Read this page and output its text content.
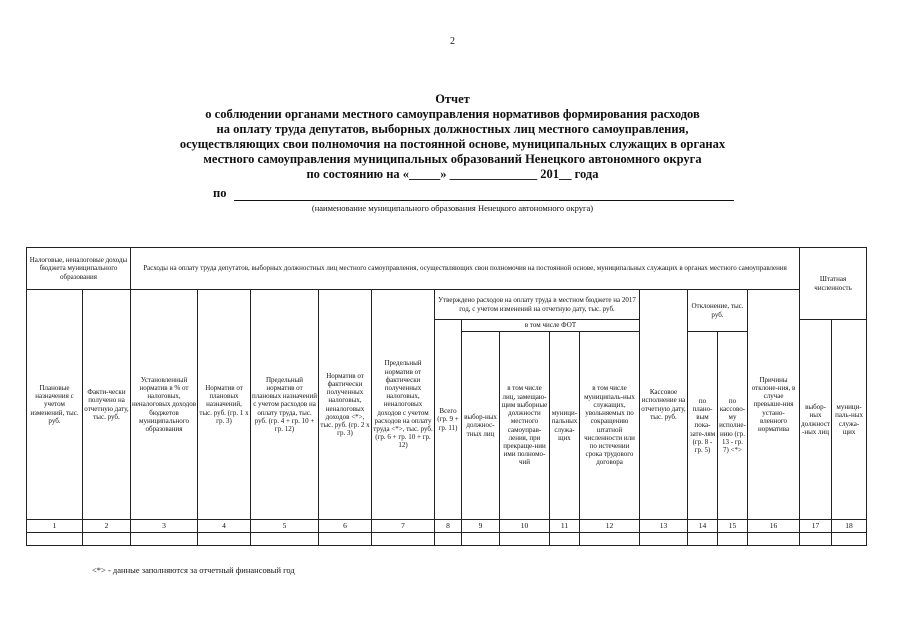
2
Отчет
о соблюдении органами местного самоуправления нормативов формирования расходов
на оплату труда депутатов, выборных должностных лиц местного самоуправления,
осуществляющих свои полномочия на постоянной основе, муниципальных служащих в органах
местного самоуправления муниципальных образований Ненецкого автономного округа
по состоянию на «_____» ______________ 201__ года
по
(наименование муниципального образования Ненецкого автономного округа)
Налоговые, неналоговые доходы бюджета муниципального образования		Расходы на оплату труда депутатов, выборных должностных лиц местного самоуправления, осуществляющих свои полномочия на постоянной основе, муниципальных служащих в органах местного самоуправления														Штатная численность	
Плановые назначения с учетом изменений, тыс. руб.	Факти-чески получено на отчетную дату, тыс. руб.	Установленный норматив в % от налоговых, неналоговых доходов бюджетов муниципального образования	Норматив от плановых назначений, тыс. руб. (гр. 1 х гр. 3)	Предельный норматив от плановых назначений с учетом расходов на оплату труда, тыс. руб. (гр. 4 + гр. 10 + гр. 12)	Норматив от фактически полученных налоговых, неналоговых доходов <*>, тыс. руб. (гр. 2 х гр. 3)	Предельный норматив от фактически полученных налоговых, неналоговых доходов с учетом расходов на оплату труда <*>, тыс. руб. (гр. 6 + гр. 10 + гр. 12)	Утверждено расходов на оплату труда в местном бюджете на 2017 год, с учетом изменений на отчетную дату, тыс. руб.					Кассовое исполнение на отчетную дату, тыс. руб.	Отклонение, тыс. руб.		Причины отклоне-ния, в случае превыше-ния устано-вленного норматива		
							Всего (гр. 9 + гр. 11)	в том числе ФОТ								выбор-ных должност-ных лиц	муници-паль-ных служа-щих
								выбор-ных должнос-тных лиц	в том числе лиц, замещаю-щим выборные должности местного самоуправ-ления, при прекраще-нии ими полномо-чий	муници-пальных служа-щих	в том числе муниципаль-ных служащих, увольняемых по сокращению штатной численности или по истечении срока трудового договора		по плано-вым пока-зате-лям (гр. 8 - гр. 5)	по кассово-му исполне-нию (гр. 13 - гр. 7) <*>			
1	2	3	4	5	6	7	8	9	10	11	12	13	14	15	16	17	18

<*> - данные заполняются за отчетный финансовый год
